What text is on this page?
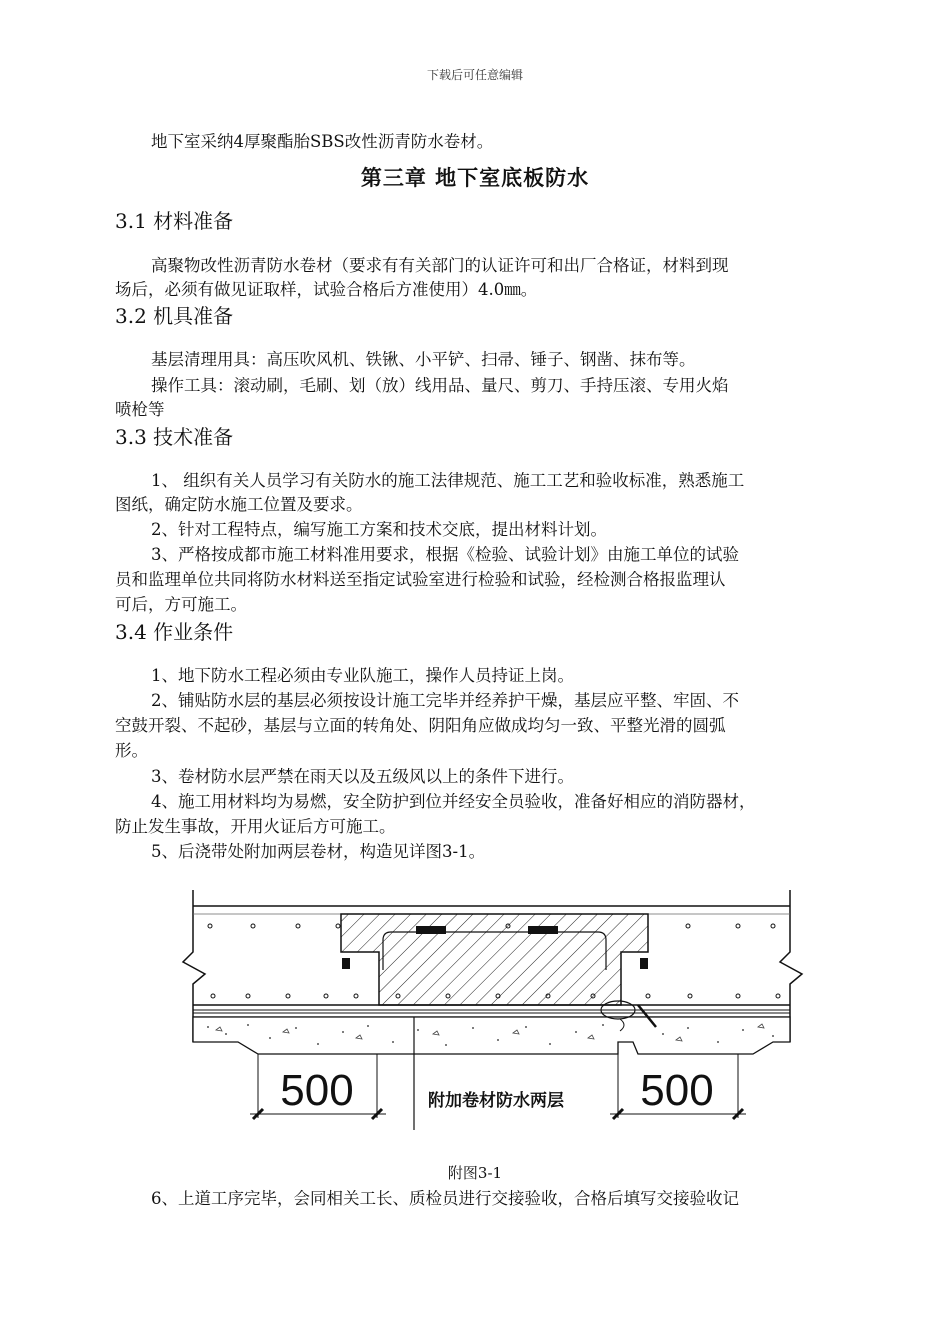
下载后可任意编辑

地下室采纳4厚聚酯胎SBS改性沥青防水卷材。

第三章 地下室底板防水
3.1 材料准备

高聚物改性沥青防水卷材（要求有有关部门的认证许可和出厂合格证，材料到现

场后，必须有做见证取样，试验合格后方准使用）4.0㎜。

3.2 机具准备

基层清理用具：高压吹风机、铁锹、小平铲、扫帚、锤子、钢凿、抹布等。

操作工具：滚动刷，毛刷、划（放）线用品、量尺、剪刀、手持压滚、专用火焰

喷枪等

3.3 技术准备

1、 组织有关人员学习有关防水的施工法律规范、施工工艺和验收标准，熟悉施工

图纸，确定防水施工位置及要求。

2、针对工程特点，编写施工方案和技术交底，提出材料计划。

3、严格按成都市施工材料准用要求，根据《检验、试验计划》由施工单位的试验

员和监理单位共同将防水材料送至指定试验室进行检验和试验，经检测合格报监理认

可后，方可施工。

3.4 作业条件

1、地下防水工程必须由专业队施工，操作人员持证上岗。

2、铺贴防水层的基层必须按设计施工完毕并经养护干燥，基层应平整、牢固、不

空鼓开裂、不起砂，基层与立面的转角处、阴阳角应做成均匀一致、平整光滑的圆弧

形。

3、卷材防水层严禁在雨天以及五级风以上的条件下进行。

4、施工用材料均为易燃，安全防护到位并经安全员验收，准备好相应的消防器材，

防止发生事故，开用火证后方可施工。

5、后浇带处附加两层卷材，构造见详图3-1。

500	500
附加卷材防水两层
附图3-1

6、上道工序完毕，会同相关工长、质检员进行交接验收，合格后填写交接验收记
